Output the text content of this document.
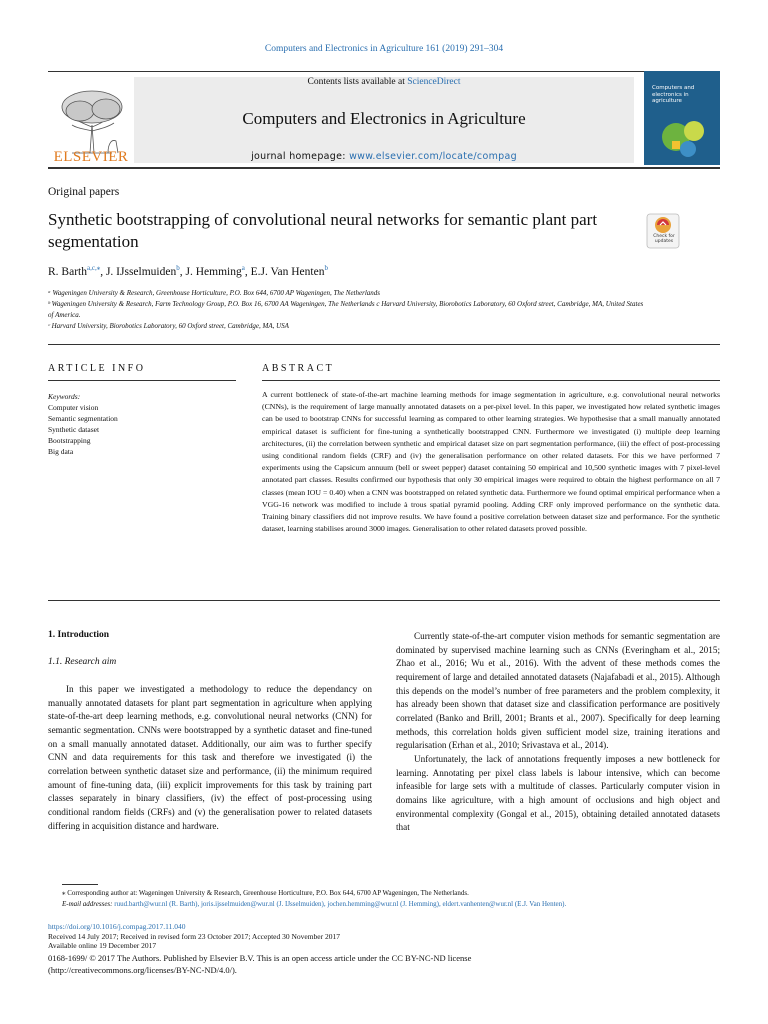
Computers and Electronics in Agriculture 161 (2019) 291–304
ELSEVIER
Contents lists available at ScienceDirect
Computers and Electronics in Agriculture
journal homepage: www.elsevier.com/locate/compag
Computers and electronics in agriculture
Original papers
Synthetic bootstrapping of convolutional neural networks for semantic plant part segmentation	Check for updates
R. Barth$^{a,c,⁎}$, J. IJsselmuiden$^b$, J. Hemming$^a$, E.J. Van Henten$^b$
ᵃ Wageningen University & Research, Greenhouse Horticulture, P.O. Box 644, 6700 AP Wageningen, The Netherlands
ᵇ Wageningen University & Research, Farm Technology Group, P.O. Box 16, 6700 AA Wageningen, The Netherlands c Harvard University, Biorobotics Laboratory, 60 Oxford street, Cambridge, MA, United States of America.
ᶜ Harvard University, Biorobotics Laboratory, 60 Oxford street, Cambridge, MA, USA
ARTICLE INFO	ABSTRACT
Keywords:
Computer vision
Semantic segmentation
Synthetic dataset
Bootstrapping
Big data
A current bottleneck of state-of-the-art machine learning methods for image segmentation in agriculture, e.g. convolutional neural networks (CNNs), is the requirement of large manually annotated datasets on a per-pixel level. In this paper, we investigated how related synthetic images can be used to bootstrap CNNs for successful learning as compared to other learning strategies. We hypothesise that a small manually annotated empirical dataset is sufficient for fine-tuning a synthetically bootstrapped CNN. Furthermore we investigated (i) multiple deep learning architectures, (ii) the correlation between synthetic and empirical dataset size on part segmentation performance, (iii) the effect of post-processing using conditional random fields (CRF) and (iv) the generalisation performance on other related datasets. For this we have performed 7 experiments using the Capsicum annuum (bell or sweet pepper) dataset containing 50 empirical and 10,500 synthetic images with 7 pixel-level annotated part classes. Results confirmed our hypothesis that only 30 empirical images were required to obtain the highest performance on all 7 classes (mean IOU = 0.40) when a CNN was bootstrapped on related synthetic data. Furthermore we found optimal empirical performance when a VGG-16 network was modified to include à trous spatial pyramid pooling. Adding CRF only improved performance on the synthetic data. Training binary classifiers did not improve results. We have found a positive correlation between dataset size and performance. For the synthetic dataset, learning stabilises around 3000 images. Generalisation to other related datasets proved possible.
1. Introduction
1.1. Research aim

In this paper we investigated a methodology to reduce the dependancy on manually annotated datasets for plant part segmentation in agriculture when applying state-of-the-art deep learning methods, e.g. convolutional neural networks (CNN) for semantic segmentation. CNNs were bootstrapped by a synthetic dataset and fine-tuned on a small manually annotated dataset. Additionally, our aim was to further specify CNN and data requirements for this task and therefore we investigated (i) the correlation between synthetic dataset size and performance, (ii) the minimum required amount of fine-tuning data, (iii) explicit improvements for this task by training part classes separately in binary classifiers, (iv) the effect of post-processing using conditional random fields (CRFs) and (v) the generalisation power to related datasets differing in acquisition distance and hardware.

Currently state-of-the-art computer vision methods for semantic segmentation are dominated by supervised machine learning such as CNNs (Everingham et al., 2015; Zhao et al., 2016; Wu et al., 2016). With the advent of these methods comes the requirement of large and detailed annotated datasets (Najafabadi et al., 2015). Although this depends on the model’s number of free parameters and the problem complexity, it has already been shown that dataset size and classification performance are positively correlated (Banko and Brill, 2001; Brants et al., 2007). Specifically for deep learning methods, this correlation holds given sufficient model size, training iterations and regularisation (Erhan et al., 2010; Srivastava et al., 2014).

Unfortunately, the lack of annotations frequently imposes a new bottleneck for learning. Annotating per pixel class labels is labour intensive, which can become infeasible for large sets with a multitude of classes. Particularly computer vision in domains like agriculture, with a high amount of occlusions and high object and environmental complexity (Gongal et al., 2015), obtaining detailed annotated datasets that

⁎ Corresponding author at: Wageningen University & Research, Greenhouse Horticulture, P.O. Box 644, 6700 AP Wageningen, The Netherlands.
E-mail addresses: ruud.barth@wur.nl (R. Barth), joris.ijsselmuiden@wur.nl (J. IJsselmuiden), jochen.hemming@wur.nl (J. Hemming), eldert.vanhenten@wur.nl (E.J. Van Henten).
https://doi.org/10.1016/j.compag.2017.11.040
Received 14 July 2017; Received in revised form 23 October 2017; Accepted 30 November 2017
Available online 19 December 2017
0168-1699/ © 2017 The Authors. Published by Elsevier B.V. This is an open access article under the CC BY-NC-ND license
(http://creativecommons.org/licenses/BY-NC-ND/4.0/).
